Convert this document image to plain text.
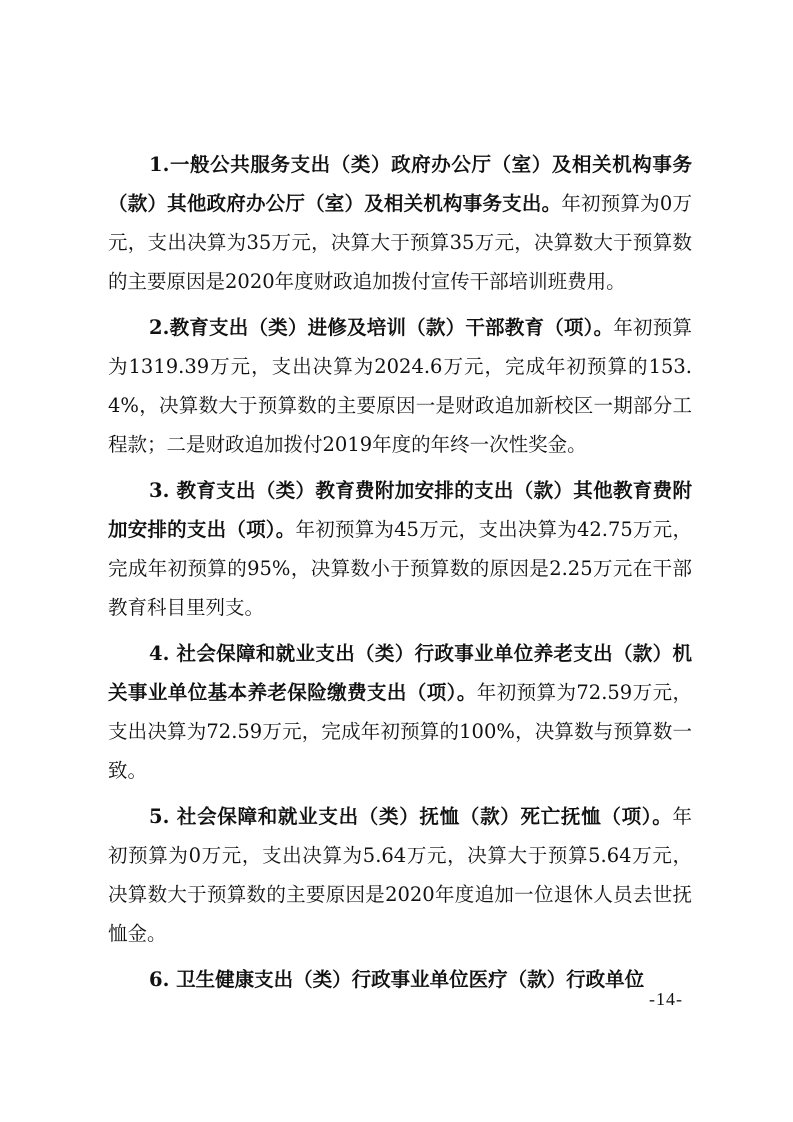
1.一般公共服务支出（类）政府办公厅（室）及相关机构事务（款）其他政府办公厅（室）及相关机构事务支出。年初预算为0万元，支出决算为35万元，决算大于预算35万元，决算数大于预算数的主要原因是2020年度财政追加拨付宣传干部培训班费用。

2.教育支出（类）进修及培训（款）干部教育（项）。年初预算为1319.39万元，支出决算为2024.6万元，完成年初预算的153.4%，决算数大于预算数的主要原因一是财政追加新校区一期部分工程款；二是财政追加拨付2019年度的年终一次性奖金。

3. 教育支出（类）教育费附加安排的支出（款）其他教育费附加安排的支出（项）。年初预算为45万元，支出决算为42.75万元，完成年初预算的95%，决算数小于预算数的原因是2.25万元在干部教育科目里列支。

4. 社会保障和就业支出（类）行政事业单位养老支出（款）机关事业单位基本养老保险缴费支出（项）。年初预算为72.59万元，支出决算为72.59万元，完成年初预算的100%，决算数与预算数一致。

5. 社会保障和就业支出（类）抚恤（款）死亡抚恤（项）。年初预算为0万元，支出决算为5.64万元，决算大于预算5.64万元，决算数大于预算数的主要原因是2020年度追加一位退休人员去世抚恤金。

6. 卫生健康支出（类）行政事业单位医疗（款）行政单位

-14-
